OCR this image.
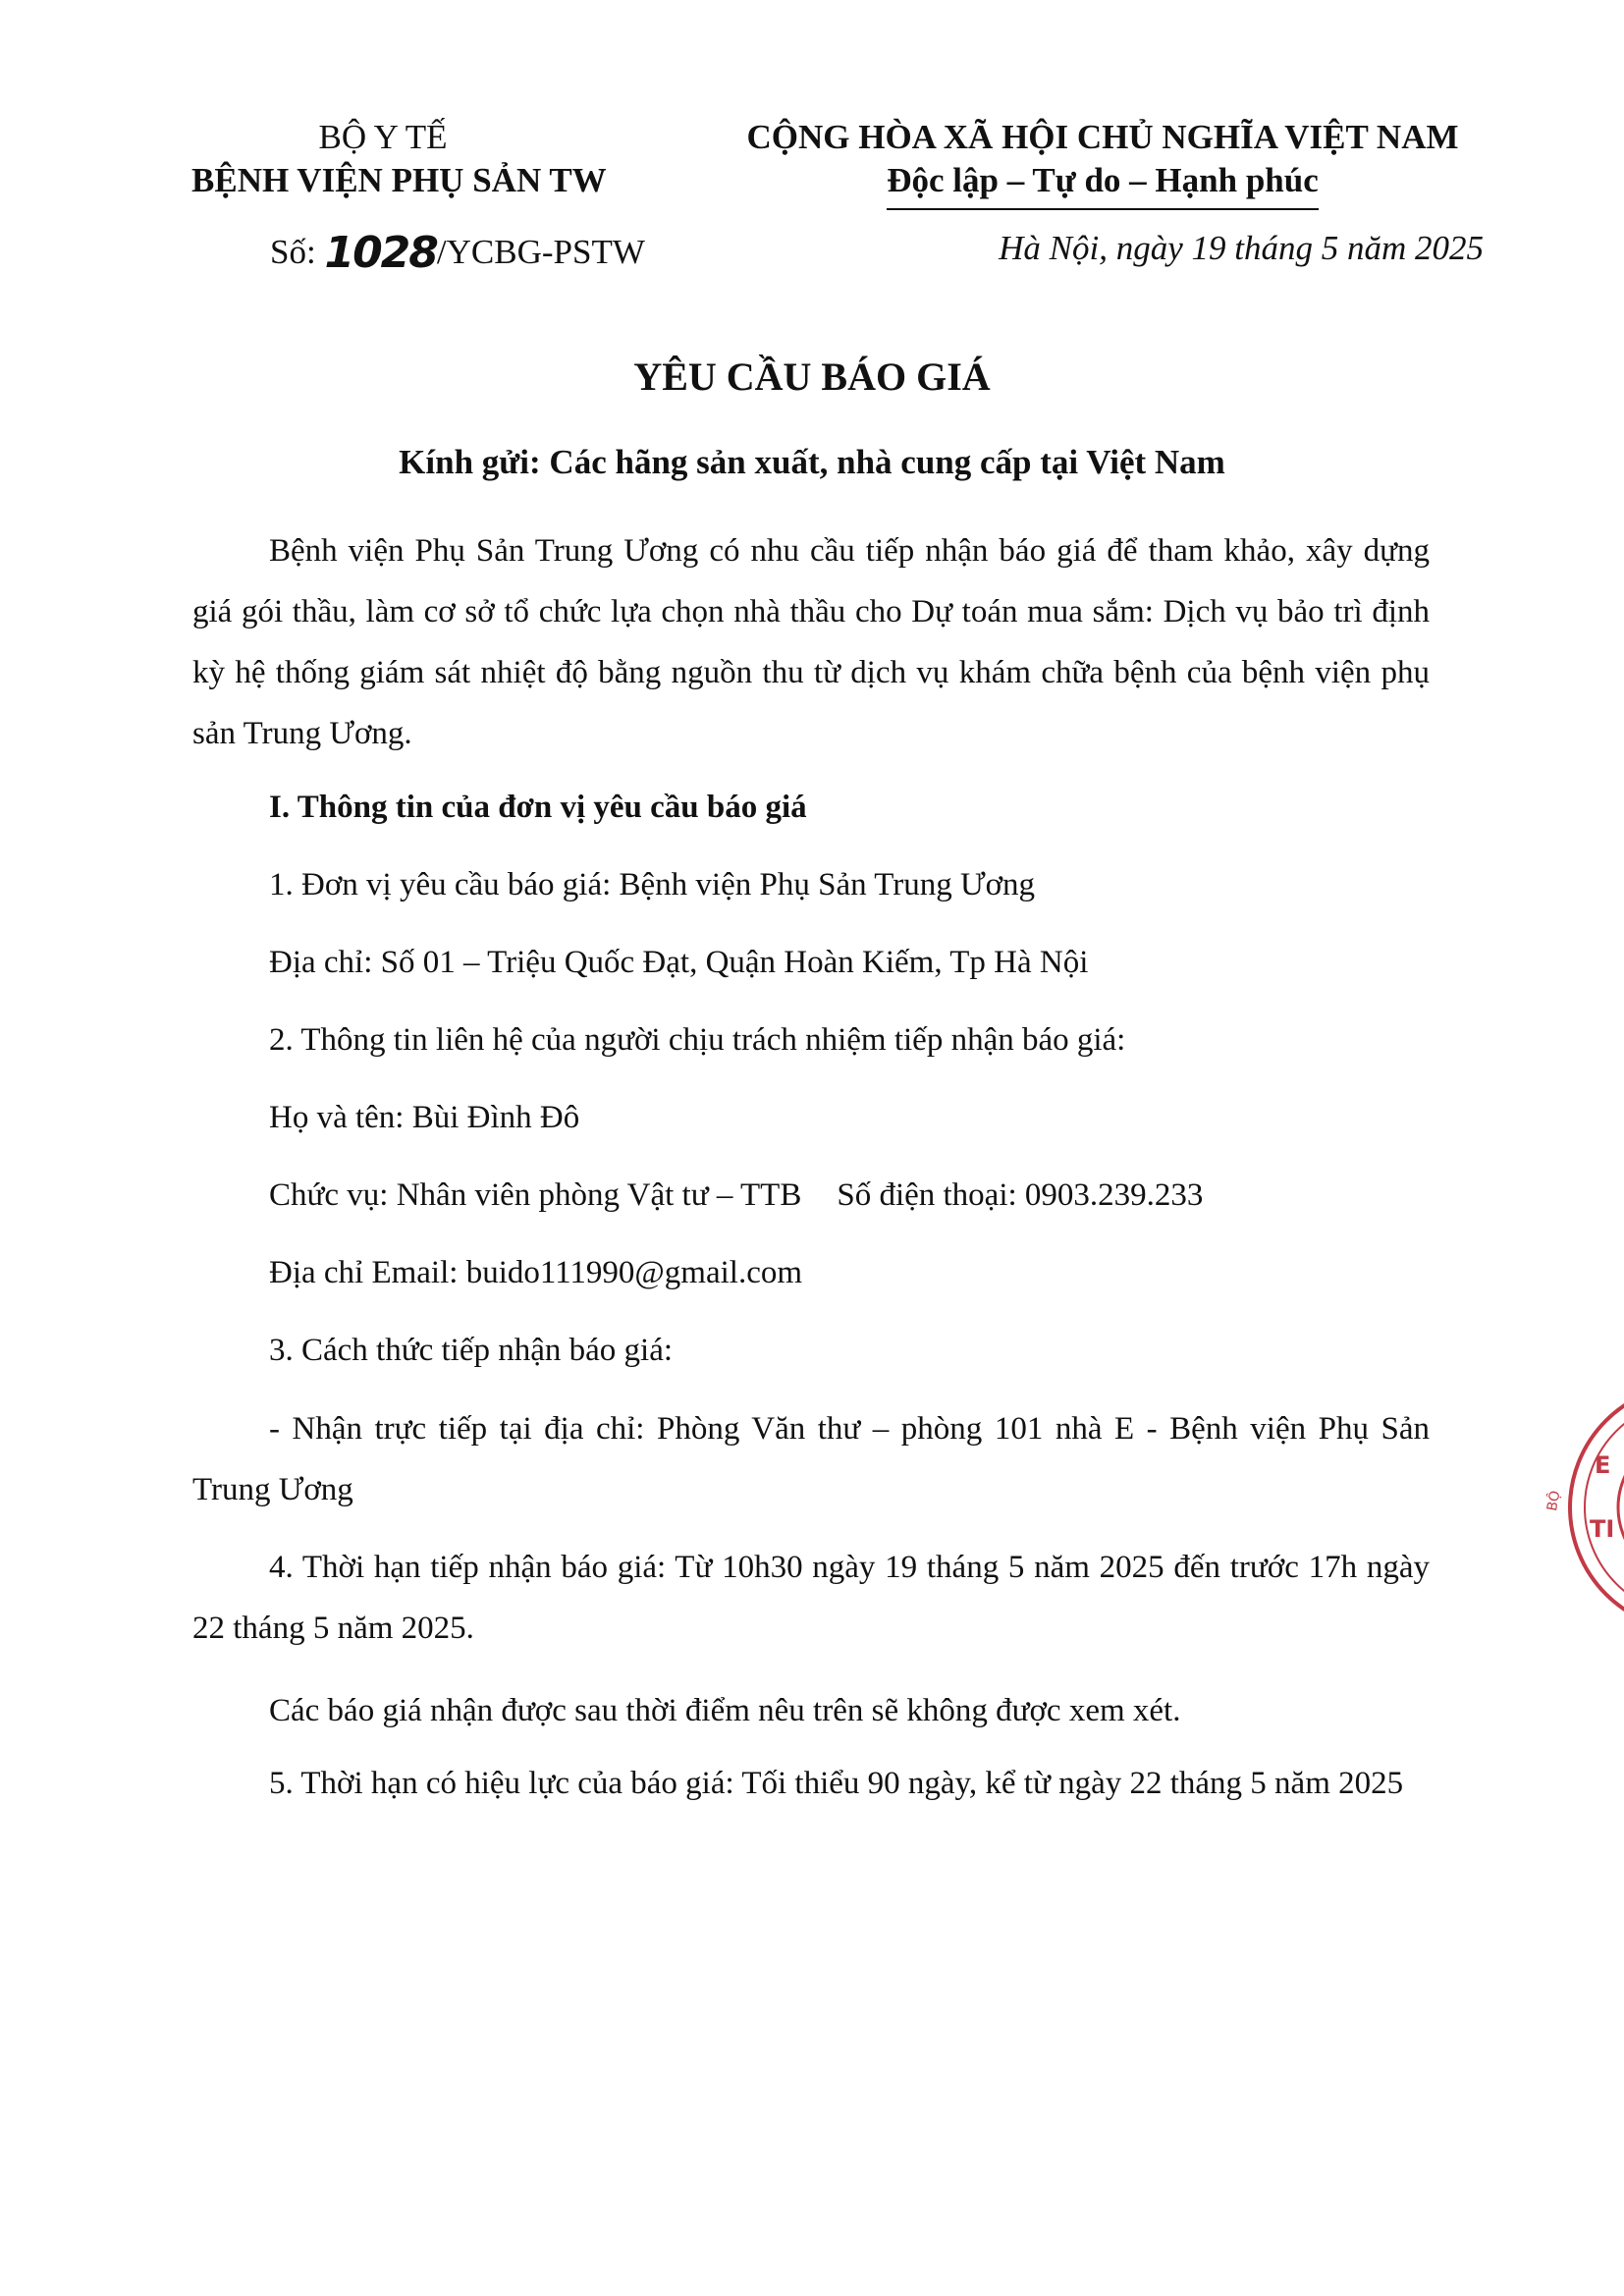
BỘ Y TẾ
BỆNH VIỆN PHỤ SẢN TW
CỘNG HÒA XÃ HỘI CHỦ NGHĨA VIỆT NAM
Độc lập – Tự do – Hạnh phúc
Số: 1028/YCBG-PSTW	Hà Nội, ngày 19 tháng 5 năm 2025
YÊU CẦU BÁO GIÁ
Kính gửi: Các hãng sản xuất, nhà cung cấp tại Việt Nam

Bệnh viện Phụ Sản Trung Ương có nhu cầu tiếp nhận báo giá để tham khảo, xây dựng giá gói thầu, làm cơ sở tổ chức lựa chọn nhà thầu cho Dự toán mua sắm: Dịch vụ bảo trì định kỳ hệ thống giám sát nhiệt độ bằng nguồn thu từ dịch vụ khám chữa bệnh của bệnh viện phụ sản Trung Ương.

I. Thông tin của đơn vị yêu cầu báo giá
1. Đơn vị yêu cầu báo giá: Bệnh viện Phụ Sản Trung Ương
Địa chỉ: Số 01 – Triệu Quốc Đạt, Quận Hoàn Kiếm, Tp Hà Nội
2. Thông tin liên hệ của người chịu trách nhiệm tiếp nhận báo giá:
Họ và tên: Bùi Đình Đô
Chức vụ: Nhân viên phòng Vật tư – TTB Số điện thoại: 0903.239.233
Địa chỉ Email: buido111990@gmail.com
3. Cách thức tiếp nhận báo giá:

- Nhận trực tiếp tại địa chỉ: Phòng Văn thư – phòng 101 nhà E - Bệnh viện Phụ Sản Trung Ương

4. Thời hạn tiếp nhận báo giá: Từ 10h30 ngày 19 tháng 5 năm 2025 đến trước 17h ngày 22 tháng 5 năm 2025.

Các báo giá nhận được sau thời điểm nêu trên sẽ không được xem xét.

5. Thời hạn có hiệu lực của báo giá: Tối thiểu 90 ngày, kể từ ngày 22 tháng 5 năm 2025

E
TI
BỘ
